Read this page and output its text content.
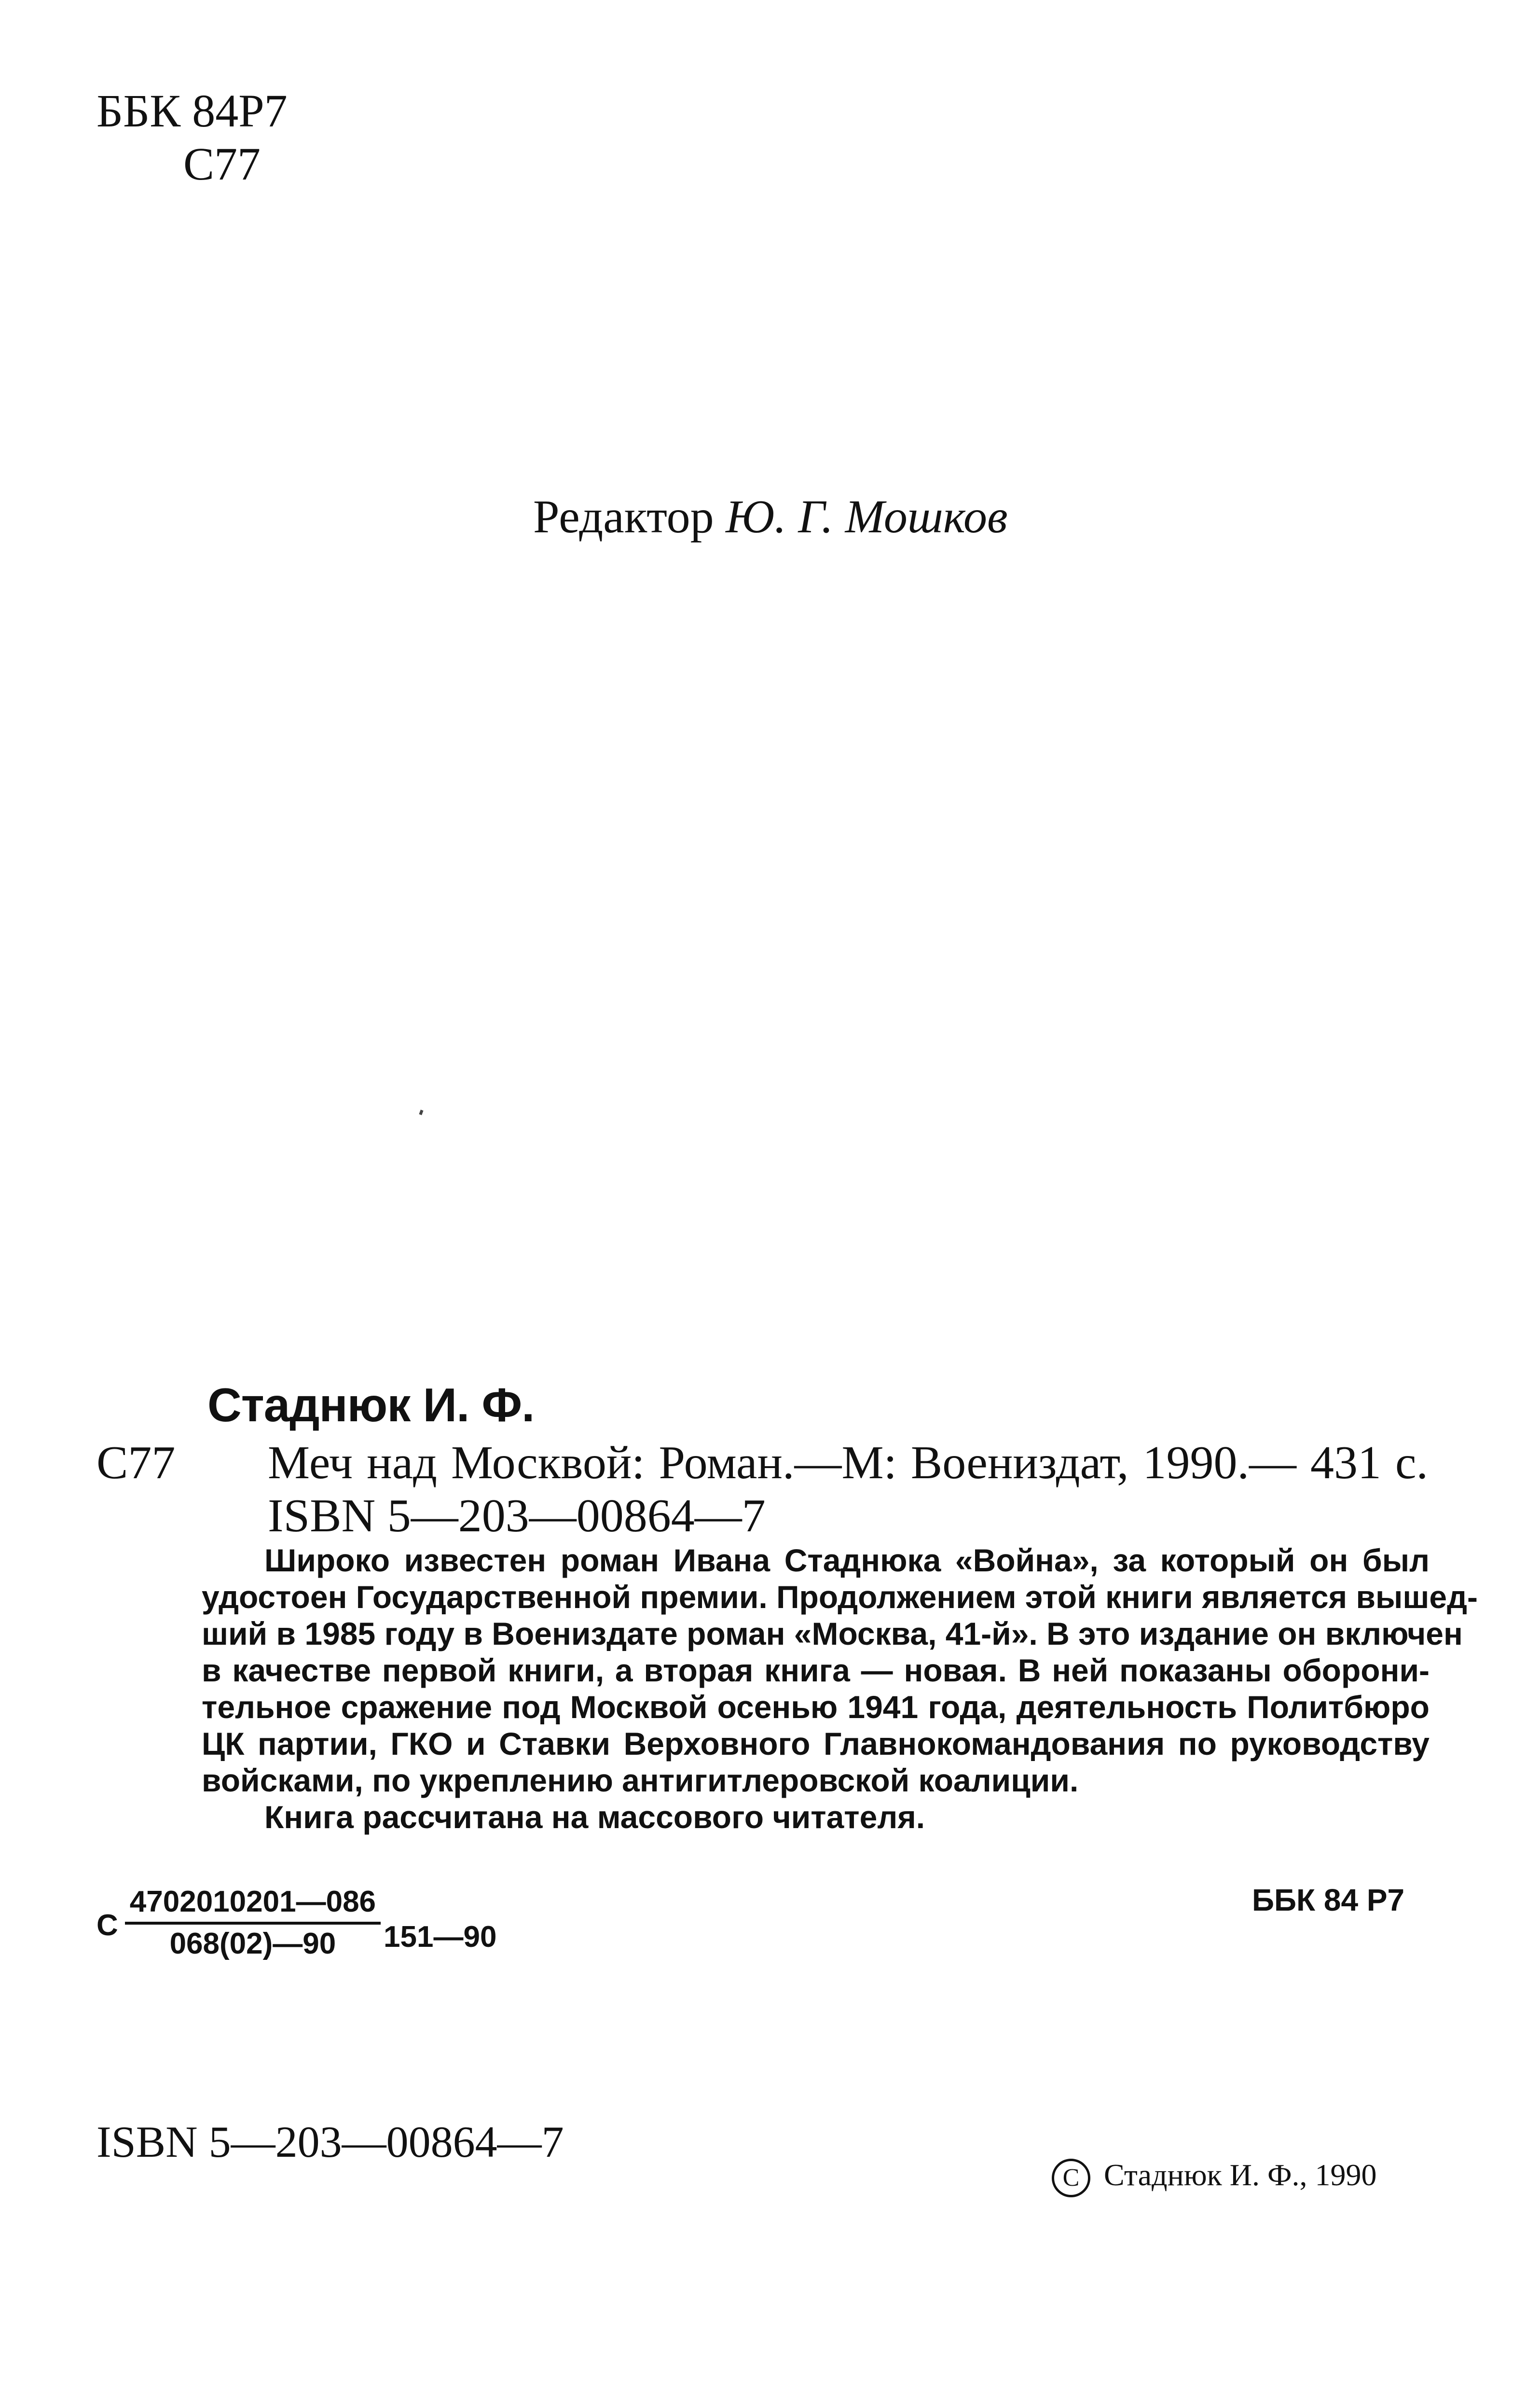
ББК 84Р7
С77
Редактор Ю. Г. Мошков
Стаднюк И. Ф.
С77 Меч над Москвой: Роман.—М: Воениздат, 1990.— 431 с.
ISBN 5—203—00864—7
Широко известен роман Ивана Стаднюка «Война», за который он был
удостоен Государственной премии. Продолжением этой книги является вышед-
ший в 1985 году в Воениздате роман «Москва, 41-й». В это издание он включен
в качестве первой книги, а вторая книга — новая. В ней показаны оборони-
тельное сражение под Москвой осенью 1941 года, деятельность Политбюро
ЦК партии, ГКО и Ставки Верховного Главнокомандования по руководству
войсками, по укреплению антигитлеровской коалиции.
Книга рассчитана на массового читателя.
С $\frac{4702010201—086}{068(02)—90}$ 151—90
ББК 84 Р7
ISBN 5—203—00864—7
C Стаднюк И. Ф., 1990
